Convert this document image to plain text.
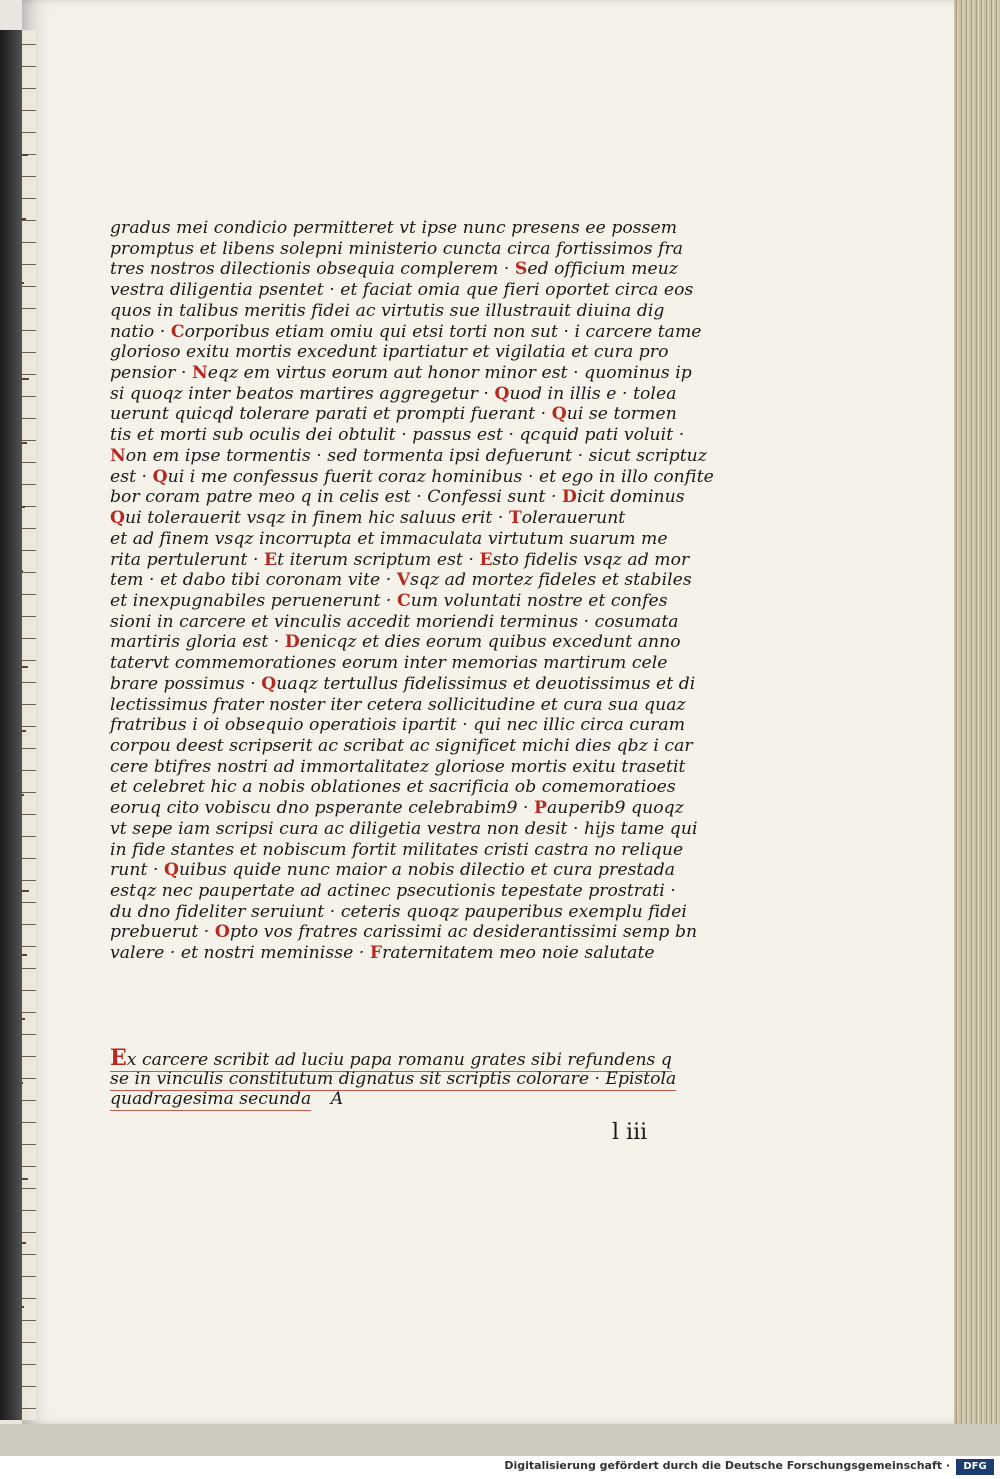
gradus mei condicio permitteret vt ipse nunc presens ee possem
promptus et libens solepni ministerio cuncta circa fortissimos fra
tres nostros dilectionis obsequia complerem · Sed officium meuz
vestra diligentia psentet · et faciat omia que fieri oportet circa eos
quos in talibus meritis fidei ac virtutis sue illustrauit diuina dig
natio · Corporibus etiam omiu qui etsi torti non sut · i carcere tame
glorioso exitu mortis excedunt ipartiatur et vigilatia et cura pro
pensior · Neqz em virtus eorum aut honor minor est · quominus ip
si quoqz inter beatos martires aggregetur · Quod in illis e · tolea
uerunt quicqd tolerare parati et prompti fuerant · Qui se tormen
tis et morti sub oculis dei obtulit · passus est · qcquid pati voluit ·
Non em ipse tormentis · sed tormenta ipsi defuerunt · sicut scriptuz
est · Qui i me confessus fuerit coraz hominibus · et ego in illo confite
bor coram patre meo q in celis est · Confessi sunt · Dicit dominus
Qui tolerauerit vsqz in finem hic saluus erit · Tolerauerunt
et ad finem vsqz incorrupta et immaculata virtutum suarum me
rita pertulerunt · Et iterum scriptum est · Esto fidelis vsqz ad mor
tem · et dabo tibi coronam vite · Vsqz ad mortez fideles et stabiles
et inexpugnabiles peruenerunt · Cum voluntati nostre et confes
sioni in carcere et vinculis accedit moriendi terminus · cosumata
martiris gloria est · Denicqz et dies eorum quibus excedunt anno
tatervt commemorationes eorum inter memorias martirum cele
brare possimus · Quaqz tertullus fidelissimus et deuotissimus et di
lectissimus frater noster iter cetera sollicitudine et cura sua quaz
fratribus i oi obsequio operatiois ipartit · qui nec illic circa curam
corpou deest scripserit ac scribat ac significet michi dies qbz i car
cere btifres nostri ad immortalitatez gloriose mortis exitu trasetit
et celebret hic a nobis oblationes et sacrificia ob comemoratioes
eoruq cito vobiscu dno psperante celebrabim9 · Pauperib9 quoqz
vt sepe iam scripsi cura ac diligetia vestra non desit · hijs tame qui
in fide stantes et nobiscum fortit militates cristi castra no relique
runt · Quibus quide nunc maior a nobis dilectio et cura prestada
estqz nec paupertate ad actinec psecutionis tepestate prostrati ·
du dno fideliter seruiunt · ceteris quoqz pauperibus exemplu fidei
prebuerut · Opto vos fratres carissimi ac desiderantissimi semp bn
valere · et nostri meminisse · Fraternitatem meo noie salutate
Ex carcere scribit ad luciu papa romanu grates sibi refundens q
se in vinculis constitutum dignatus sit scriptis colorare · Epistola
quadragesima secunda A
l iii
Digitalisierung gefördert durch die Deutsche Forschungsgemeinschaft ·	DFG
